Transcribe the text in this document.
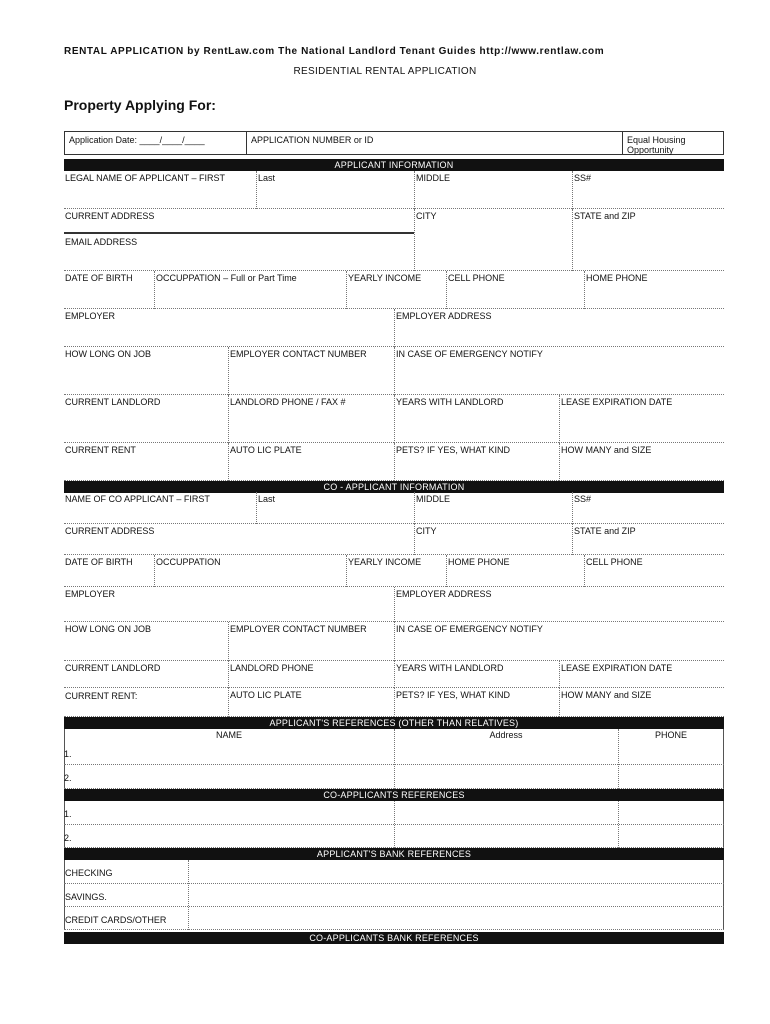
RENTAL APPLICATION by RentLaw.com The National Landlord Tenant Guides http://www.rentlaw.com
RESIDENTIAL RENTAL APPLICATION
Property Applying For:
Application Date: ____/____/____	APPLICATION NUMBER or ID	Equal Housing Opportunity
APPLICANT INFORMATION
LEGAL NAME OF APPLICANT – FIRST	Last	MIDDLE	SS#
CURRENT ADDRESS	CITY	STATE and ZIP
EMAIL ADDRESS
DATE OF BIRTH	OCCUPPATION – Full or Part Time	YEARLY INCOME	CELL PHONE	HOME PHONE
EMPLOYER	EMPLOYER ADDRESS
HOW LONG ON JOB	EMPLOYER CONTACT NUMBER	IN CASE OF EMERGENCY NOTIFY
CURRENT LANDLORD	LANDLORD PHONE / FAX #	YEARS WITH LANDLORD	LEASE EXPIRATION DATE
CURRENT RENT	AUTO LIC PLATE	PETS? IF YES, WHAT KIND	HOW MANY and SIZE
CO - APPLICANT INFORMATION
NAME OF CO APPLICANT – FIRST	Last	MIDDLE	SS#
CURRENT ADDRESS	CITY	STATE and ZIP
DATE OF BIRTH	OCCUPPATION	YEARLY INCOME	HOME PHONE	CELL PHONE
EMPLOYER	EMPLOYER ADDRESS
HOW LONG ON JOB	EMPLOYER CONTACT NUMBER	IN CASE OF EMERGENCY NOTIFY
CURRENT LANDLORD	LANDLORD PHONE	YEARS WITH LANDLORD	LEASE EXPIRATION DATE
CURRENT RENT:	AUTO LIC PLATE	PETS? IF YES, WHAT KIND	HOW MANY and SIZE
APPLICANT'S REFERENCES (OTHER THAN RELATIVES)
NAME	Address	PHONE
1.
2.
CO-APPLICANTS REFERENCES
1.
2.
APPLICANT'S BANK REFERENCES
CHECKING
SAVINGS.
CREDIT CARDS/OTHER
CO-APPLICANTS BANK REFERENCES
